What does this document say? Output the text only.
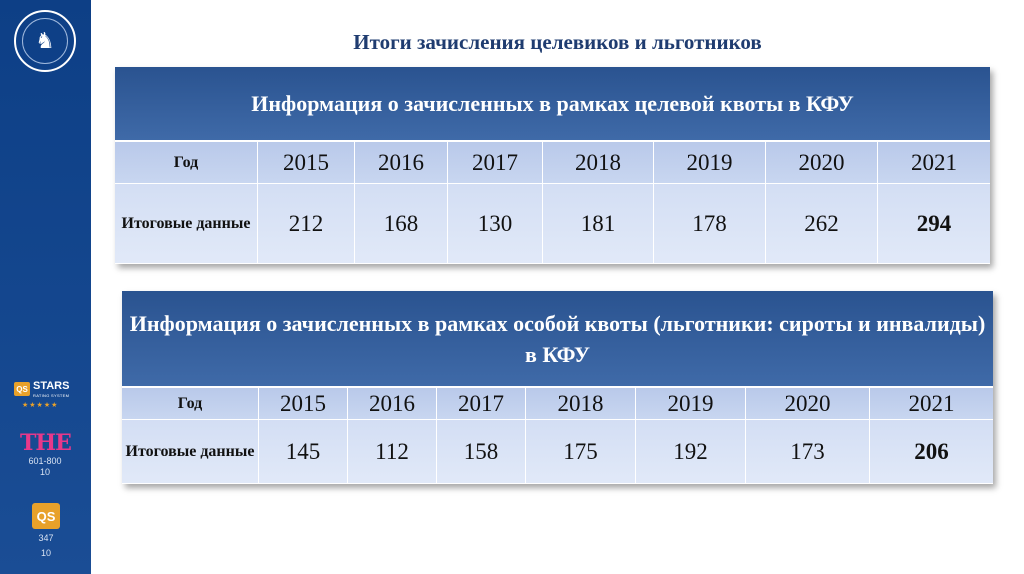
♞
QS STARS
RATING SYSTEM
★★★★★
THE
601-800
10
QS
347
10
Итоги зачисления целевиков и льготников
Информация о зачисленных в рамках целевой квоты в КФУ
Год	2015	2016	2017	2018	2019	2020	2021
Итоговые данные	212	168	130	181	178	262	294
Информация о зачисленных в рамках особой квоты (льготники: сироты и инвалиды) в КФУ
Год	2015	2016	2017	2018	2019	2020	2021
Итоговые данные	145	112	158	175	192	173	206
